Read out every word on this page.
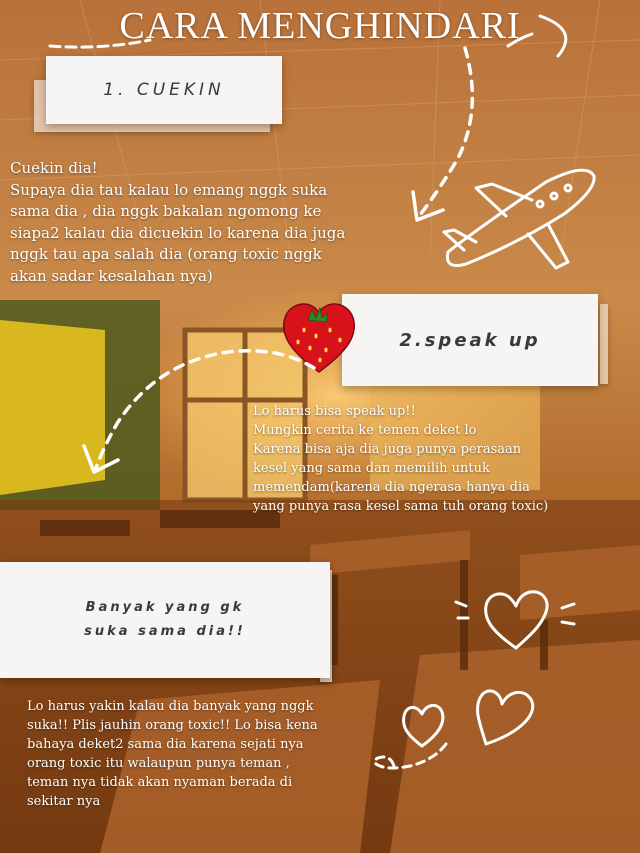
CARA MENGHINDARI
1. CUEKIN

Cuekin dia!
Supaya dia tau kalau lo emang nggk suka
sama dia , dia nggk bakalan ngomong ke
siapa2 kalau dia dicuekin lo karena dia juga
nggk tau apa salah dia (orang toxic nggk
akan sadar kesalahan nya)

2.speak up

Lo harus bisa speak up!!
Mungkin cerita ke temen deket lo
Karena bisa aja dia juga punya perasaan
kesel yang sama dan memilih untuk
memendam(karena dia ngerasa hanya dia
yang punya rasa kesel sama tuh orang toxic)

Banyak yang gk
suka sama dia!!

Lo harus yakin kalau dia banyak yang nggk
suka!! Plis jauhin orang toxic!! Lo bisa kena
bahaya deket2 sama dia karena sejati nya
orang toxic itu walaupun punya teman ,
teman nya tidak akan nyaman berada di
sekitar nya
